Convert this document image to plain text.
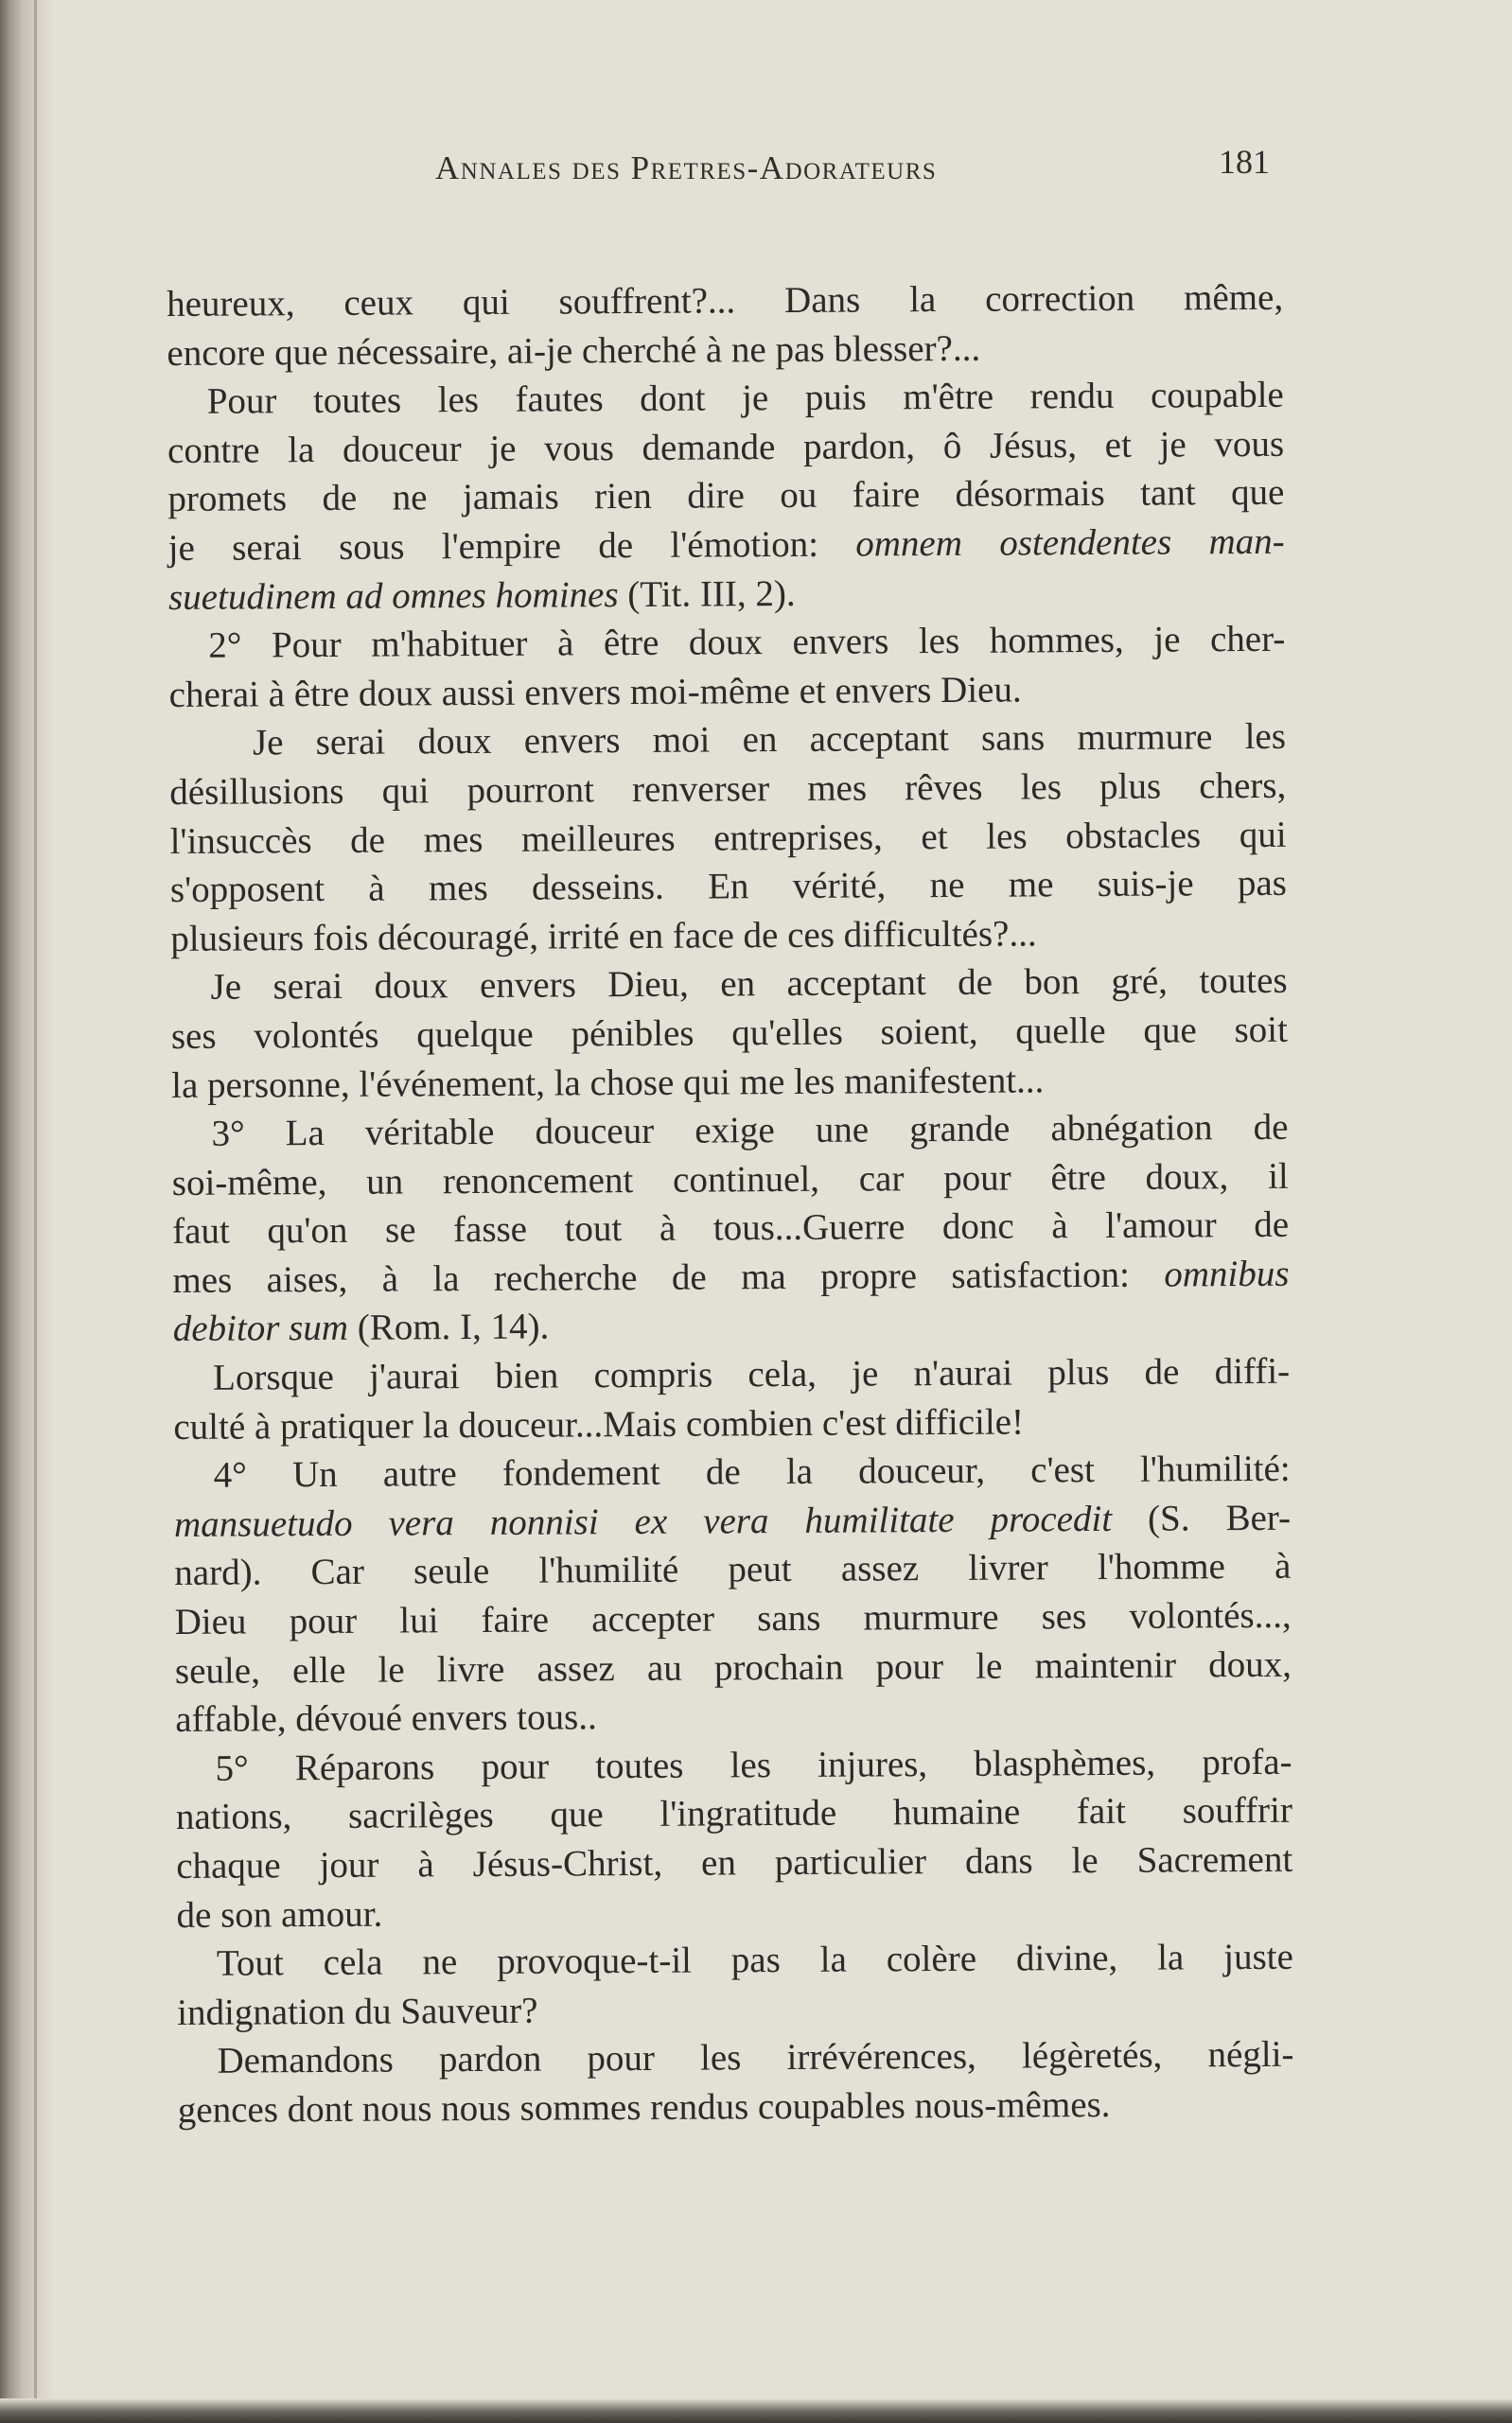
Annales des Pretres-Adorateurs	181
heureux, ceux qui souffrent?... Dans la correction même,
encore que nécessaire, ai-je cherché à ne pas blesser?...
Pour toutes les fautes dont je puis m'être rendu coupable
contre la douceur je vous demande pardon, ô Jésus, et je vous
promets de ne jamais rien dire ou faire désormais tant que
je serai sous l'empire de l'émotion: omnem ostendentes man-
suetudinem ad omnes homines (Tit. III, 2).
2° Pour m'habituer à être doux envers les hommes, je cher-
cherai à être doux aussi envers moi-même et envers Dieu.
Je serai doux envers moi en acceptant sans murmure les
désillusions qui pourront renverser mes rêves les plus chers,
l'insuccès de mes meilleures entreprises, et les obstacles qui
s'opposent à mes desseins. En vérité, ne me suis-je pas
plusieurs fois découragé, irrité en face de ces difficultés?...
Je serai doux envers Dieu, en acceptant de bon gré, toutes
ses volontés quelque pénibles qu'elles soient, quelle que soit
la personne, l'événement, la chose qui me les manifestent...
3° La véritable douceur exige une grande abnégation de
soi-même, un renoncement continuel, car pour être doux, il
faut qu'on se fasse tout à tous...Guerre donc à l'amour de
mes aises, à la recherche de ma propre satisfaction: omnibus
debitor sum (Rom. I, 14).
Lorsque j'aurai bien compris cela, je n'aurai plus de diffi-
culté à pratiquer la douceur...Mais combien c'est difficile!
4° Un autre fondement de la douceur, c'est l'humilité:
mansuetudo vera nonnisi ex vera humilitate procedit (S. Ber-
nard). Car seule l'humilité peut assez livrer l'homme à
Dieu pour lui faire accepter sans murmure ses volontés...,
seule, elle le livre assez au prochain pour le maintenir doux,
affable, dévoué envers tous..
5° Réparons pour toutes les injures, blasphèmes, profa-
nations, sacrilèges que l'ingratitude humaine fait souffrir
chaque jour à Jésus-Christ, en particulier dans le Sacrement
de son amour.
Tout cela ne provoque-t-il pas la colère divine, la juste
indignation du Sauveur?
Demandons pardon pour les irrévérences, légèretés, négli-
gences dont nous nous sommes rendus coupables nous-mêmes.
